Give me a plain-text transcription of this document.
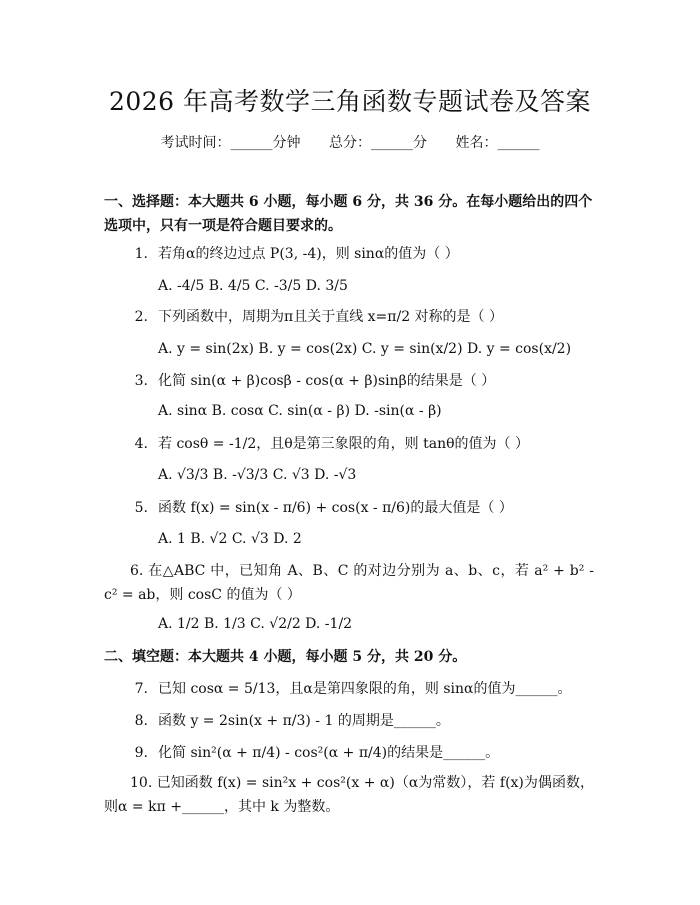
2026 年高考数学三角函数专题试卷及答案
考试时间：______分钟 总分：______分 姓名：______
一、选择题：本大题共 6 小题，每小题 6 分，共 36 分。在每小题给出的四个选项中，只有一项是符合题目要求的。
1. 若角α的终边过点 P(3, -4)，则 sinα的值为（ ）
A. -4/5 B. 4/5 C. -3/5 D. 3/5
2. 下列函数中，周期为π且关于直线 x=π/2 对称的是（ ）
A. y = sin(2x) B. y = cos(2x) C. y = sin(x/2) D. y = cos(x/2)
3. 化简 sin(α + β)cosβ - cos(α + β)sinβ的结果是（ ）
A. sinα B. cosα C. sin(α - β) D. -sin(α - β)
4. 若 cosθ = -1/2，且θ是第三象限的角，则 tanθ的值为（ ）
A. √3/3 B. -√3/3 C. √3 D. -√3
5. 函数 f(x) = sin(x - π/6) + cos(x - π/6)的最大值是（ ）
A. 1 B. √2 C. √3 D. 2
6. 在△ABC 中，已知角 A、B、C 的对边分别为 a、b、c，若 a² + b² - c² = ab，则 cosC 的值为（ ）
A. 1/2 B. 1/3 C. √2/2 D. -1/2
二、填空题：本大题共 4 小题，每小题 5 分，共 20 分。
7. 已知 cosα = 5/13，且α是第四象限的角，则 sinα的值为______。
8. 函数 y = 2sin(x + π/3) - 1 的周期是______。
9. 化简 sin²(α + π/4) - cos²(α + π/4)的结果是______。
10. 已知函数 f(x) = sin²x + cos²(x + α)（α为常数），若 f(x)为偶函数，则α = kπ +______，其中 k 为整数。
